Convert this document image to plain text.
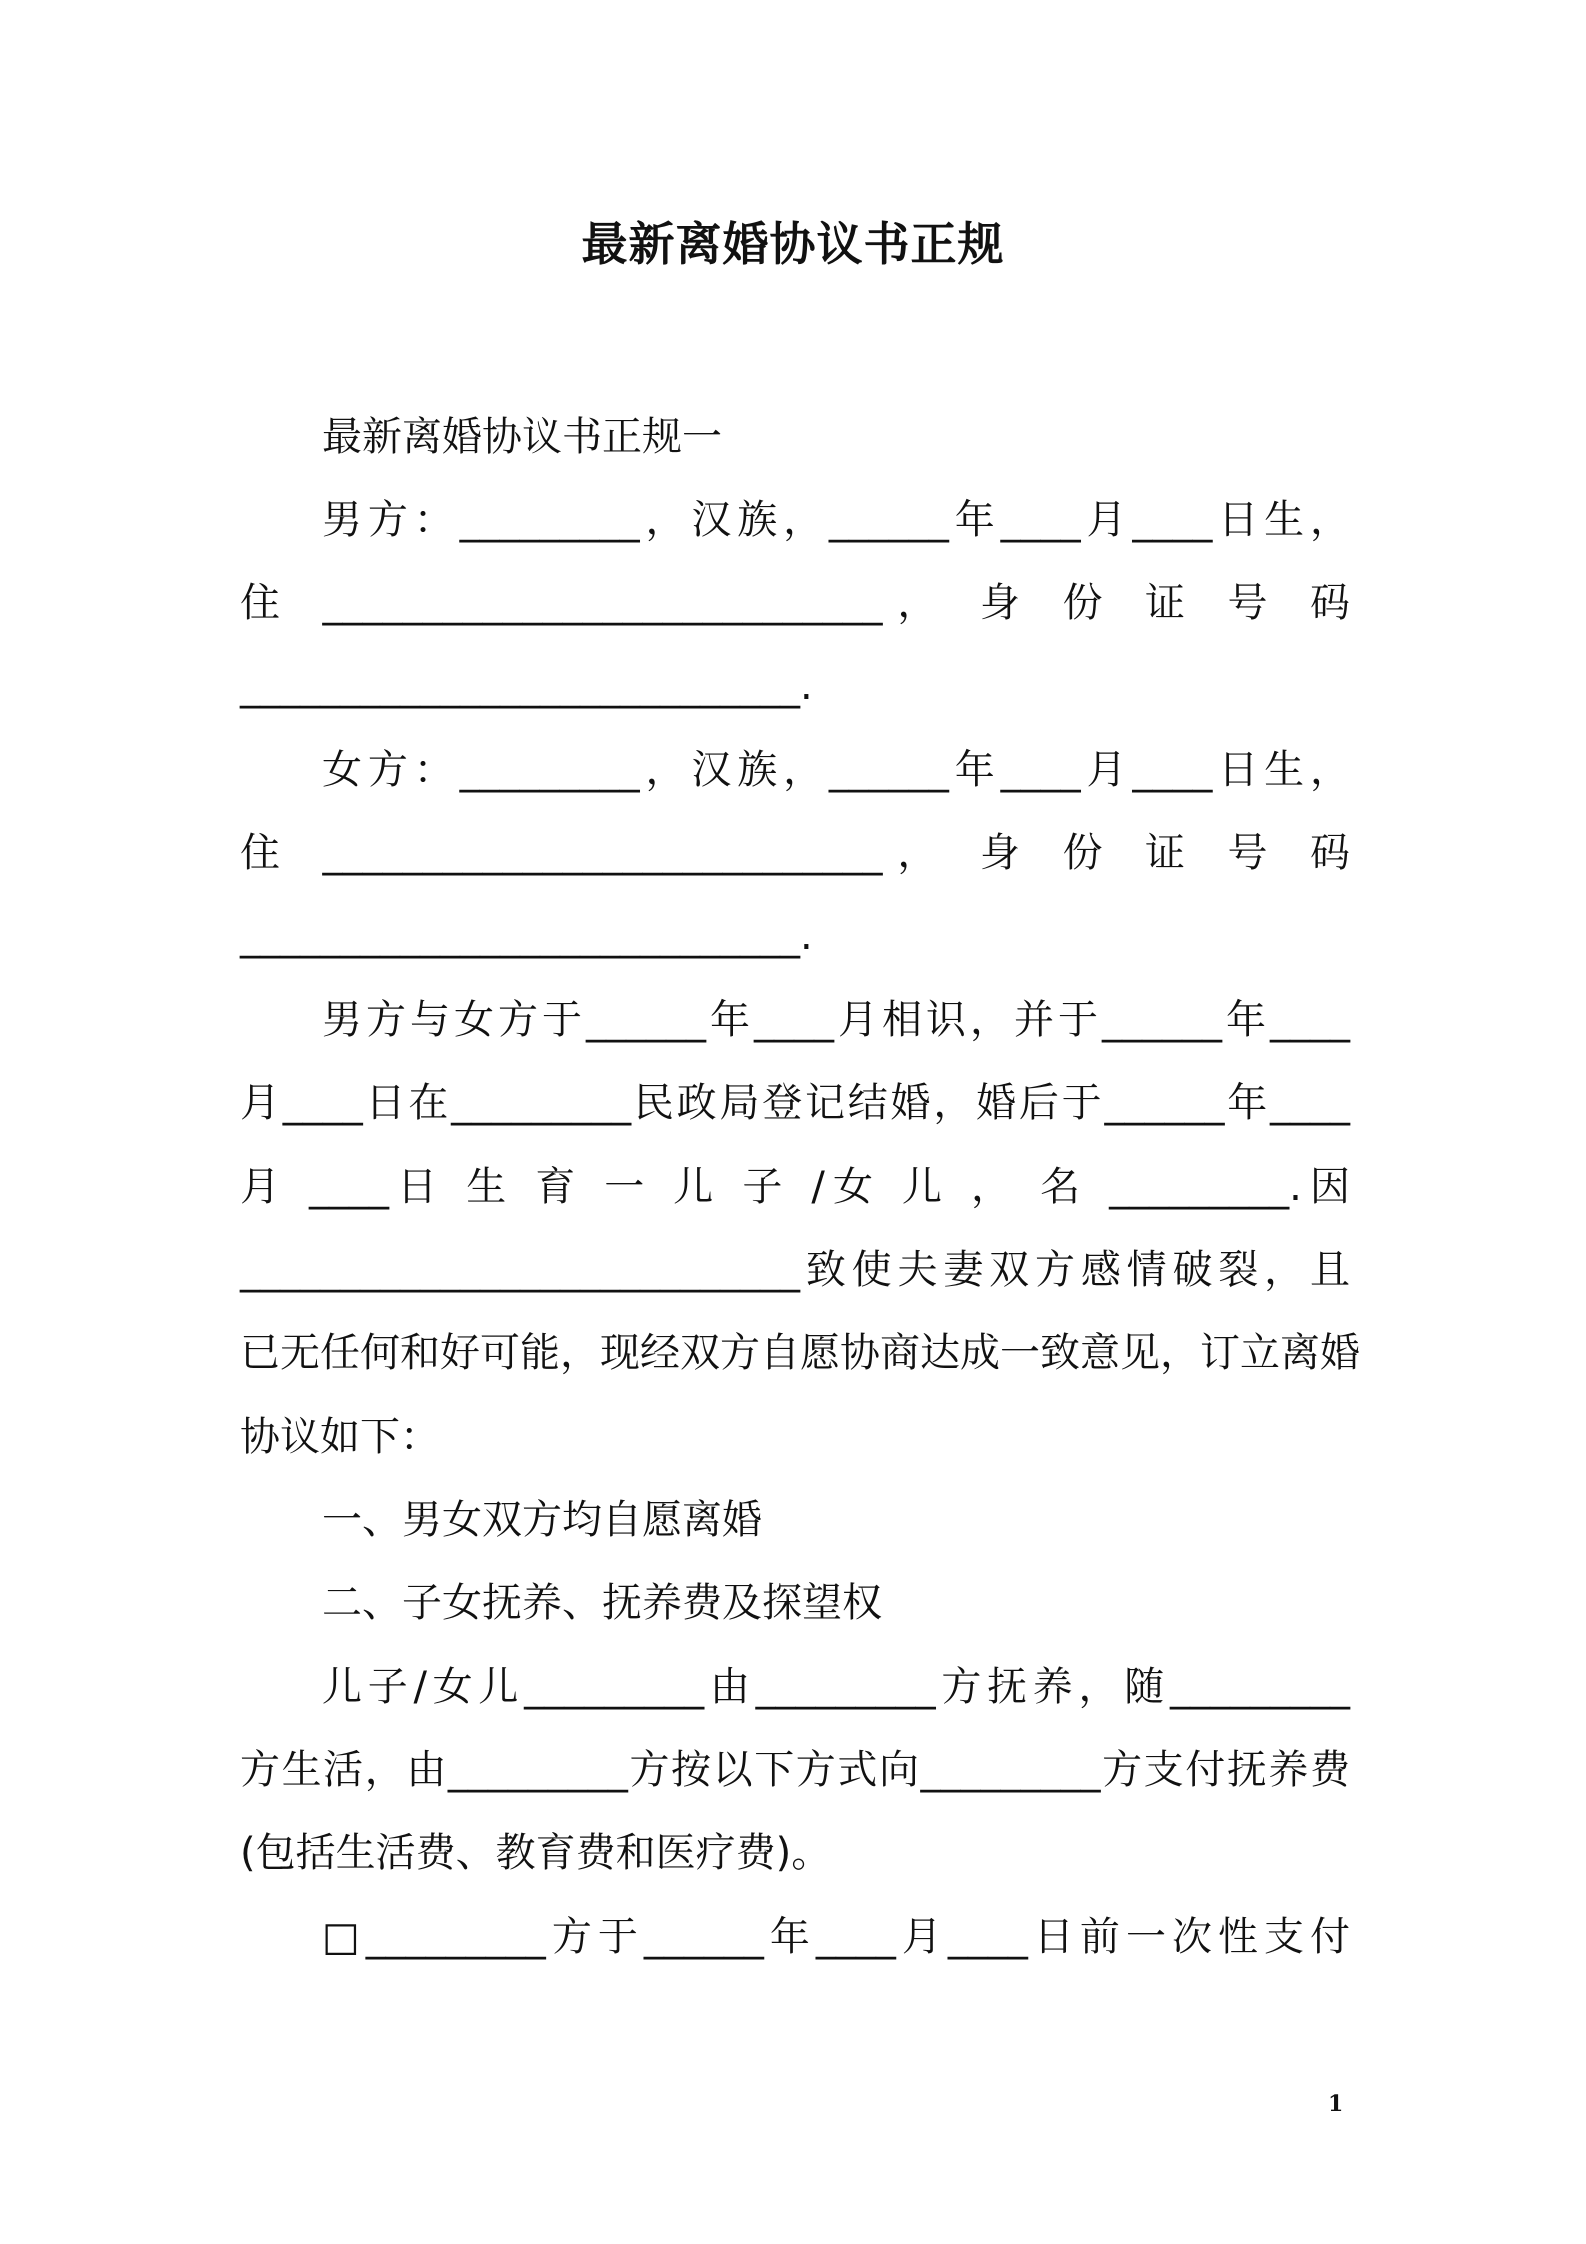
最新离婚协议书正规
最新离婚协议书正规一
男方：_________，汉族，______年____月____日生，
住 ____________________________， 身 份 证 号 码
____________________________.
女方：_________，汉族，______年____月____日生，
住 ____________________________， 身 份 证 号 码
____________________________.
男方与女方于______年____月相识，并于______年____
月____日在_________民政局登记结婚，婚后于______年____
月 ____日 生 育 一 儿 子 /女 儿 ， 名 _________.因
____________________________致使夫妻双方感情破裂，且
已无任何和好可能，现经双方自愿协商达成一致意见，订立离婚
协议如下：
一、男女双方均自愿离婚
二、子女抚养、抚养费及探望权
儿子/女儿_________由_________方抚养，随_________
方生活，由_________方按以下方式向_________方支付抚养费
(包括生活费、教育费和医疗费)。
□_________方于______年____月____日前一次性支付
1
